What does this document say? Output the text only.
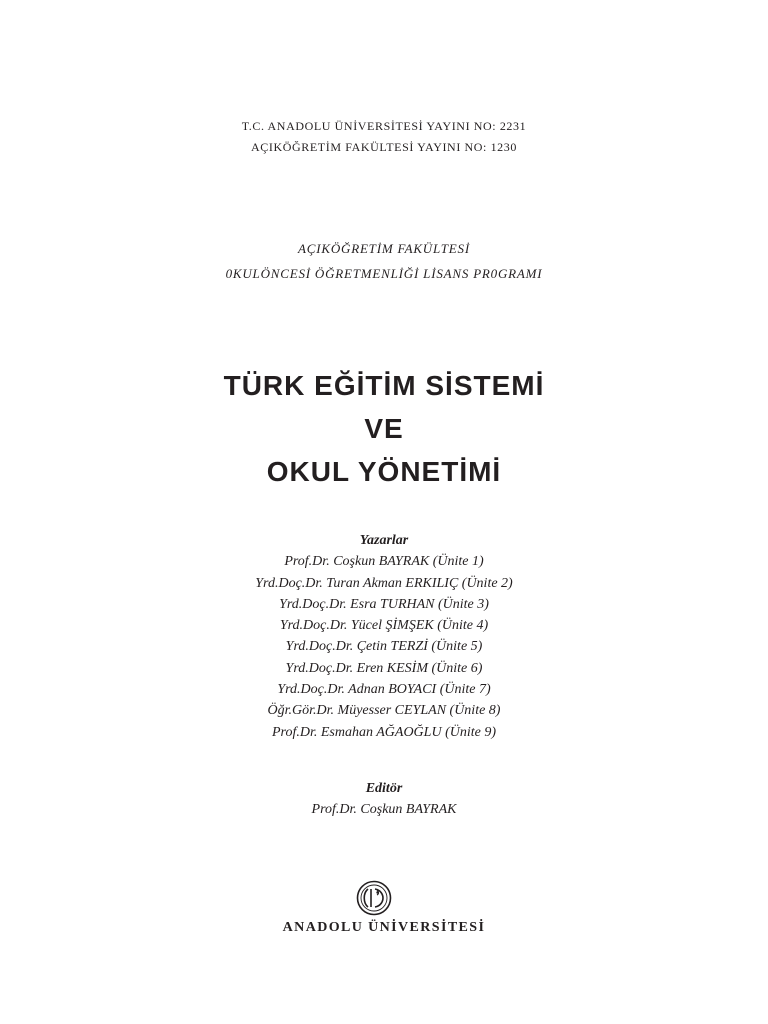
T.C. ANADOLU ÜNİVERSİTESİ YAYINI NO: 2231
AÇIKÖĞRETİM FAKÜLTESİ YAYINI NO: 1230
AÇIKÖĞRETİM FAKÜLTESİ
0KULÖNCESİ ÖĞRETMENLİĞİ LİSANS PR0GRAMI
TÜRK EĞİTİM SİSTEMİ
VE
OKUL YÖNETİMİ
Yazarlar
Prof.Dr. Coşkun BAYRAK (Ünite 1)
Yrd.Doç.Dr. Turan Akman ERKILIÇ (Ünite 2)
Yrd.Doç.Dr. Esra TURHAN (Ünite 3)
Yrd.Doç.Dr. Yücel ŞİMŞEK (Ünite 4)
Yrd.Doç.Dr. Çetin TERZİ (Ünite 5)
Yrd.Doç.Dr. Eren KESİM (Ünite 6)
Yrd.Doç.Dr. Adnan BOYACI (Ünite 7)
Öğr.Gör.Dr. Müyesser CEYLAN (Ünite 8)
Prof.Dr. Esmahan AĞAOĞLU (Ünite 9)
Editör
Prof.Dr. Coşkun BAYRAK
ANADOLU ÜNİVERSİTESİ
